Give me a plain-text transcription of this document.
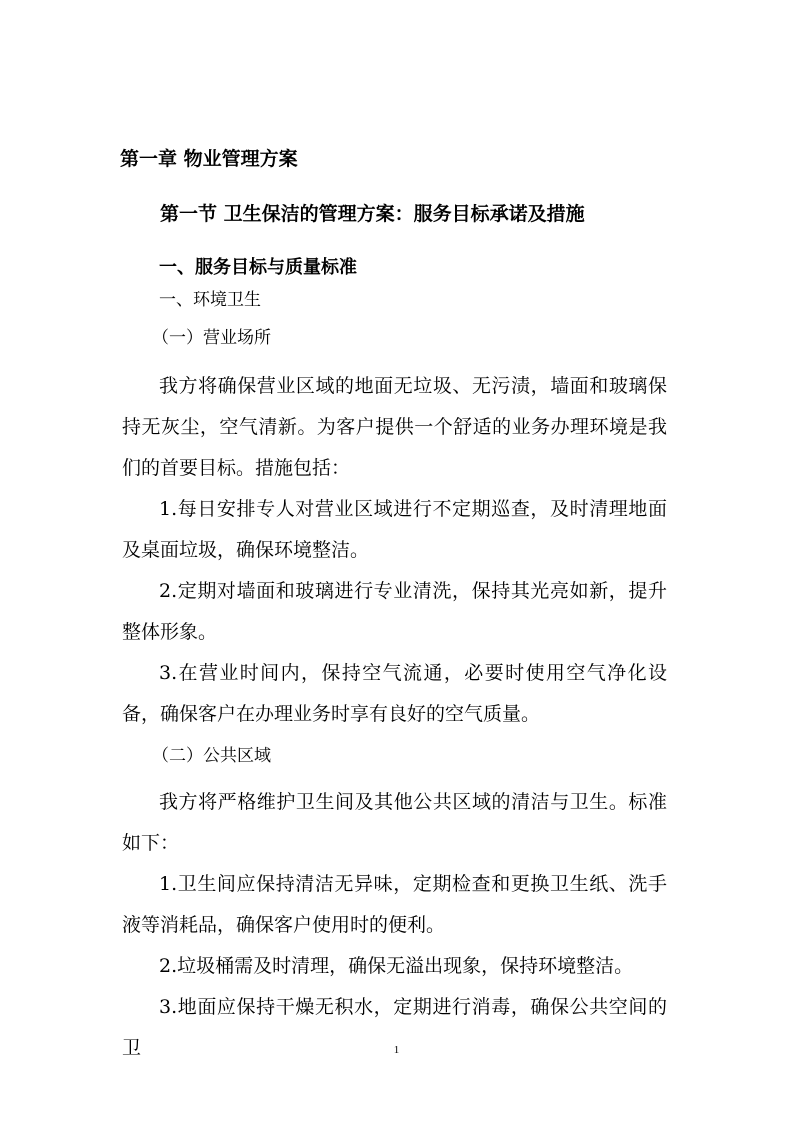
第一章 物业管理方案
第一节 卫生保洁的管理方案：服务目标承诺及措施
一、服务目标与质量标准
一、环境卫生
（一）营业场所

我方将确保营业区域的地面无垃圾、无污渍，墙面和玻璃保持无灰尘，空气清新。为客户提供一个舒适的业务办理环境是我们的首要目标。措施包括：

1.每日安排专人对营业区域进行不定期巡查，及时清理地面及桌面垃圾，确保环境整洁。

2.定期对墙面和玻璃进行专业清洗，保持其光亮如新，提升整体形象。

3.在营业时间内，保持空气流通，必要时使用空气净化设备，确保客户在办理业务时享有良好的空气质量。

（二）公共区域

我方将严格维护卫生间及其他公共区域的清洁与卫生。标准如下：

1.卫生间应保持清洁无异味，定期检查和更换卫生纸、洗手液等消耗品，确保客户使用时的便利。

2.垃圾桶需及时清理，确保无溢出现象，保持环境整洁。

3.地面应保持干燥无积水，定期进行消毒，确保公共空间的卫	1
